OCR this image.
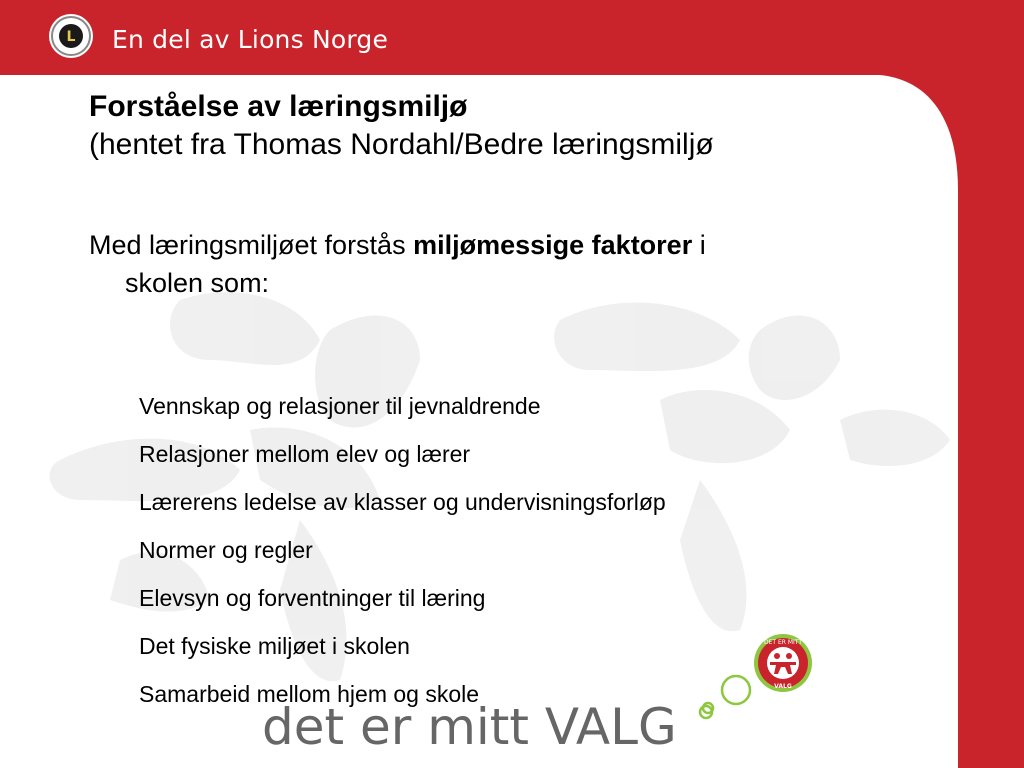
L En del av Lions Norge
Forståelse av læringsmiljø
(hentet fra Thomas Nordahl/Bedre læringsmiljø
Med læringsmiljøet forstås miljømessige faktorer i
skolen som:
Vennskap og relasjoner til jevnaldrende
Relasjoner mellom elev og lærer
Lærerens ledelse av klasser og undervisningsforløp
Normer og regler
Elevsyn og forventninger til læring
Det fysiske miljøet i skolen
Samarbeid mellom hjem og skole
DET ER MITT
VALG
det er mitt VALG
